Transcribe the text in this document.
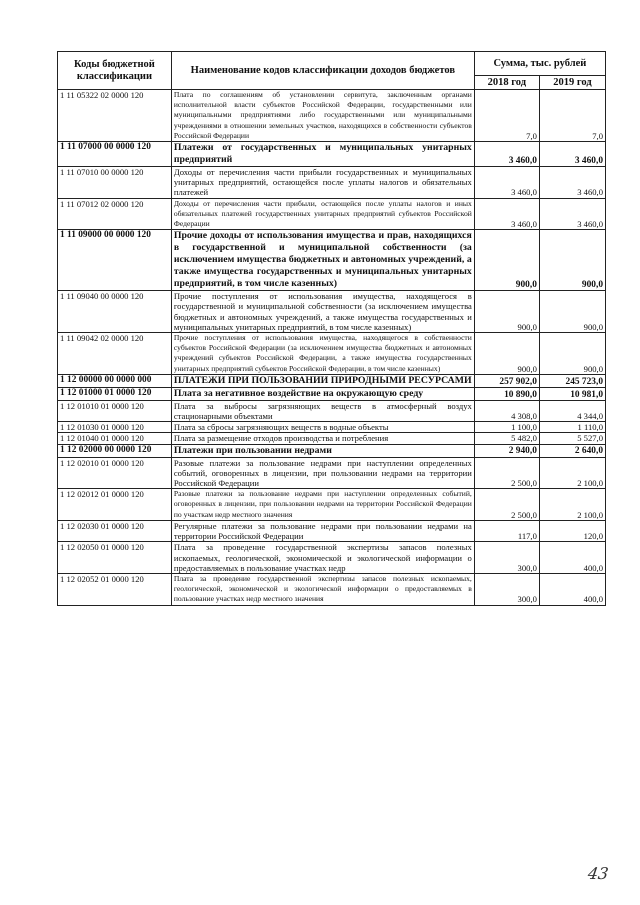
Коды бюджетной классификации	Наименование кодов классификации доходов бюджетов	Сумма, тыс. рублей	
		2018 год	2019 год
1 11 05322 02 0000 120	Плата по соглашениям об установлении сервитута, заключенным органами исполнительной власти субъектов Российской Федерации, государственными или муниципальными предприятиями либо государственными или муниципальными учреждениями в отношении земельных участков, находящихся в собственности субъектов Российской Федерации	7,0	7,0
1 11 07000 00 0000 120	Платежи от государственных и муниципальных унитарных предприятий	3 460,0	3 460,0
1 11 07010 00 0000 120	Доходы от перечисления части прибыли государственных и муниципальных унитарных предприятий, остающейся после уплаты налогов и обязательных платежей	3 460,0	3 460,0
1 11 07012 02 0000 120	Доходы от перечисления части прибыли, остающейся после уплаты налогов и иных обязательных платежей государственных унитарных предприятий субъектов Российской Федерации	3 460,0	3 460,0
1 11 09000 00 0000 120	Прочие доходы от использования имущества и прав, находящихся в государственной и муниципальной собственности (за исключением имущества бюджетных и автономных учреждений, а также имущества государственных и муниципальных унитарных предприятий, в том числе казенных)	900,0	900,0
1 11 09040 00 0000 120	Прочие поступления от использования имущества, находящегося в государственной и муниципальной собственности (за исключением имущества бюджетных и автономных учреждений, а также имущества государственных и муниципальных унитарных предприятий, в том числе казенных)	900,0	900,0
1 11 09042 02 0000 120	Прочие поступления от использования имущества, находящегося в собственности субъектов Российской Федерации (за исключением имущества бюджетных и автономных учреждений субъектов Российской Федерации, а также имущества государственных унитарных предприятий субъектов Российской Федерации, в том числе казенных)	900,0	900,0
1 12 00000 00 0000 000	ПЛАТЕЖИ ПРИ ПОЛЬЗОВАНИИ ПРИРОДНЫМИ РЕСУРСАМИ	257 902,0	245 723,0
1 12 01000 01 0000 120	Плата за негативное воздействие на окружающую среду	10 890,0	10 981,0
1 12 01010 01 0000 120	Плата за выбросы загрязняющих веществ в атмосферный воздух стационарными объектами	4 308,0	4 344,0
1 12 01030 01 0000 120	Плата за сбросы загрязняющих веществ в водные объекты	1 100,0	1 110,0
1 12 01040 01 0000 120	Плата за размещение отходов производства и потребления	5 482,0	5 527,0
1 12 02000 00 0000 120	Платежи при пользовании недрами	2 940,0	2 640,0
1 12 02010 01 0000 120	Разовые платежи за пользование недрами при наступлении определенных событий, оговоренных в лицензии, при пользовании недрами на территории Российской Федерации	2 500,0	2 100,0
1 12 02012 01 0000 120	Разовые платежи за пользование недрами при наступлении определенных событий, оговоренных в лицензии, при пользовании недрами на территории Российской Федерации по участкам недр местного значения	2 500,0	2 100,0
1 12 02030 01 0000 120	Регулярные платежи за пользование недрами при пользовании недрами на территории Российской Федерации	117,0	120,0
1 12 02050 01 0000 120	Плата за проведение государственной экспертизы запасов полезных ископаемых, геологической, экономической и экологической информации о предоставляемых в пользование участках недр	300,0	400,0
1 12 02052 01 0000 120	Плата за проведение государственной экспертизы запасов полезных ископаемых, геологической, экономической и экологической информации о предоставляемых в пользование участках недр местного значения	300,0	400,0
43
